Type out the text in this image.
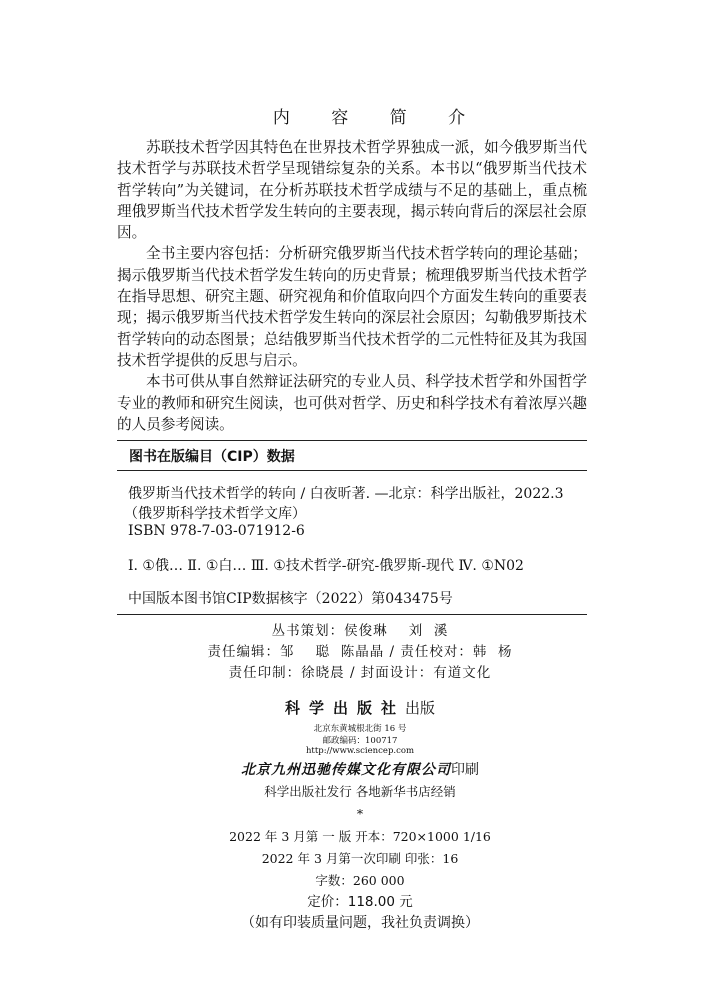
内 容 简 介

苏联技术哲学因其特色在世界技术哲学界独成一派，如今俄罗斯当代技术哲学与苏联技术哲学呈现错综复杂的关系。本书以“俄罗斯当代技术哲学转向”为关键词，在分析苏联技术哲学成绩与不足的基础上，重点梳理俄罗斯当代技术哲学发生转向的主要表现，揭示转向背后的深层社会原因。

全书主要内容包括：分析研究俄罗斯当代技术哲学转向的理论基础；揭示俄罗斯当代技术哲学发生转向的历史背景；梳理俄罗斯当代技术哲学在指导思想、研究主题、研究视角和价值取向四个方面发生转向的重要表现；揭示俄罗斯当代技术哲学发生转向的深层社会原因；勾勒俄罗斯技术哲学转向的动态图景；总结俄罗斯当代技术哲学的二元性特征及其为我国技术哲学提供的反思与启示。

本书可供从事自然辩证法研究的专业人员、科学技术哲学和外国哲学专业的教师和研究生阅读，也可供对哲学、历史和科学技术有着浓厚兴趣的人员参考阅读。

图书在版编目（CIP）数据
俄罗斯当代技术哲学的转向 / 白夜昕著. —北京：科学出版社，2022.3
（俄罗斯科学技术哲学文库）
ISBN 978-7-03-071912-6
Ⅰ. ①俄… Ⅱ. ①白… Ⅲ. ①技术哲学-研究-俄罗斯-现代 Ⅳ. ①N02
中国版本图书馆CIP数据核字（2022）第043475号
丛书策划：侯俊琳    刘  溪
责任编辑：邹    聪  陈晶晶 / 责任校对：韩  杨
责任印制：徐晓晨 / 封面设计：有道文化
科学出版社出版
北京东黄城根北街 16 号
邮政编码：100717
http://www.sciencep.com
北京九州迅驰传媒文化有限公司印刷
科学出版社发行 各地新华书店经销
*
2022 年 3 月第 一 版 开本：720×1000 1/16
2022 年 3 月第一次印刷 印张：16
字数：260 000
定价：118.00 元
（如有印装质量问题，我社负责调换）
